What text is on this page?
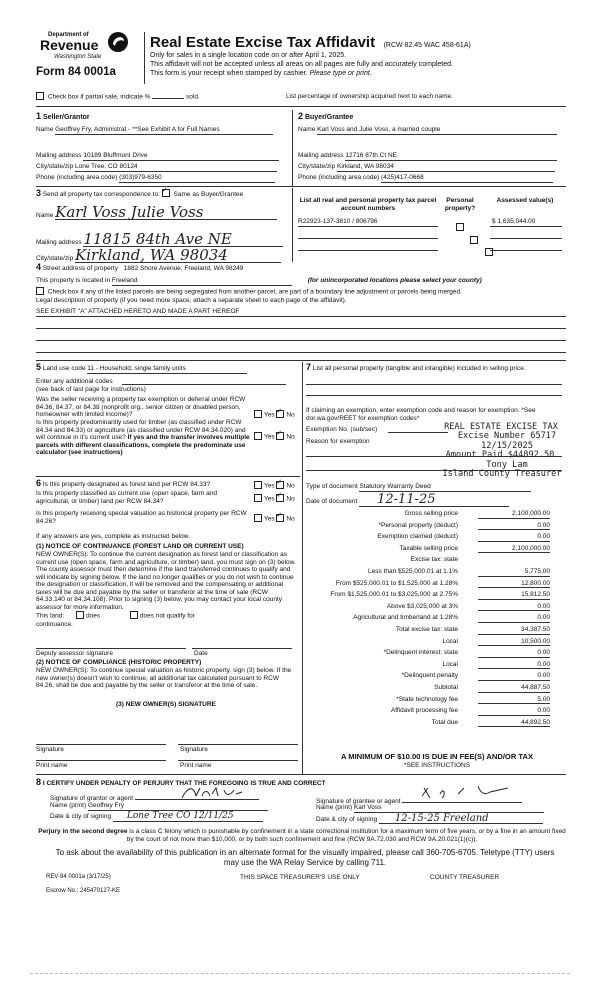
Department of
Revenue
Washington State
Form 84 0001a
Real Estate Excise Tax Affidavit (RCW 82.45 WAC 458-61A)
Only for sales in a single location code on or after April 1, 2025.
This affidavit will not be accepted unless all areas on all pages are fully and accurately completed.
This form is your receipt when stamped by cashier. Please type or print.
Check box if partial sale, indicate %	sold.	List percentage of ownership acquired next to each name.
1 Seller/Grantor
Name Geoffrey Fry, Administrat - **See Exhibit A for Full Names
Mailing address 10189 Bluffmont Drive
City/state/zip Lone Tree, CO 80124
Phone (including area code) (303)979-6350
2 Buyer/Grantee
Name Karl Voss and Julie Voss, a married couple
Mailing address 12716 87th Ct NE
City/state/zip Kirkland, WA 98034
Phone (including area code) (425)417-0668
3 Send all property tax correspondence to: ✓ Same as Buyer/Grantee
Name Karl Voss Julie Voss
Mailing address 11815 84th Ave NE
City/state/zip Kirkland, WA 98034
List all real and personal property tax parcel account numbers
Personal property?
Assessed value(s)
R22923-137-3810 / 806796
	$ 1,635,044.00
4 Street address of property 1882 Shore Avenue, Freeland, WA 98249
This property is located in Freeland	(for unincorporated locations please select your county)
Check box if any of the listed parcels are being segregated from another parcel, are part of a boundary line adjustment or parcels being merged.
Legal description of property (if you need more space, attach a separate sheet to each page of the affidavit).
SEE EXHIBIT "A" ATTACHED HERETO AND MADE A PART HEREOF
5 Land use code 11 - Household, single family units
Enter any additional codes
(see back of last page for instructions)
Was the seller receiving a property tax exemption or deferral under RCW 84.36, 84.37, or 84.38 (nonprofit org., senior citizen or disabled person, homeowner with limited income)?	Yes ✓ No
Is this property predominantly used for timber (as classified under RCW 84.34 and 84.33) or agriculture (as classified under RCW 84.34.020) and will continue in it's current use? If yes and the transfer involves multiple parcels with different classifications, complete the predominate use calculator (see instructions)
Yes ✓ No
6 Is this property designated as forest land per RCW 84.33?	Yes ✓ No
Is this property classified as current use (open space, farm and agricultural, or timber) land per RCW 84.34?	Yes ✓ No
Is this property receiving special valuation as historical property per RCW 84.26?	Yes ✓ No
If any answers are yes, complete as instructed below.
(1) NOTICE OF CONTINUANCE (FOREST LAND OR CURRENT USE)
NEW OWNER(S): To continue the current designation as forest land or classification as current use (open space, farm and agriculture, or timber) land, you must sign on (3) below. The county assessor must then determine if the land transferred continues to qualify and will indicate by signing below. If the land no longer qualifies or you do not wish to continue the designation or classification, it will be removed and the compensating or additional taxes will be due and payable by the seller or transferor at the time of sale (RCW 84.33.140 or 84.34.108). Prior to signing (3) below, you may contact your local county assessor for more information.
This land:	does	does not qualify for
continuance.
Deputy assessor signature	Date
(2) NOTICE OF COMPLIANCE (HISTORIC PROPERTY)
NEW OWNER(S): To continue special valuation as historic property, sign (3) below. If the new owner(s) doesn't wish to continue, all additional tax calculated pursuant to RCW 84.26, shall be due and payable by the seller or transferor at the time of sale.
(3) NEW OWNER(S) SIGNATURE
Signature	Signature
Print name	Print name
7 List all personal property (tangible and intangible) included in selling price.
If claiming an exemption, enter exemption code and reason for exemption. *See dor.wa.gov/REET for exemption codes*
Exemption No. (sub/sec)
Reason for exemption
REAL ESTATE EXCISE TAX
Excise Number 65717
12/15/2025
Amount Paid $44892.50
Tony Lam
Island County Treasurer
Type of document Statutory Warranty Deed
Date of document 12-11-25
Gross selling price	2,100,000.00
*Personal property (deduct)	0.00
Exemption claimed (deduct)	0.00
Taxable selling price	2,100,000.00
Excise tax: state
Less than $525,000.01 at 1.1%	5,775.00
From $525,000.01 to $1,525,000 at 1.28%	12,800.00
From $1,525,000.01 to $3,025,000 at 2.75%	15,812.50
Above $3,025,000 at 3%	0.00
Agricultural and timberland at 1.28%	0.00
Total excise tax: state	34,387.50
Local	10,500.00
*Delinquent interest: state	0.00
Local	0.00
*Delinquent penalty	0.00
Subtotal	44,887.50
*State technology fee	5.00
Affidavit processing fee	0.00
Total due	44,892.50
A MINIMUM OF $10.00 IS DUE IN FEE(S) AND/OR TAX
*SEE INSTRUCTIONS
8 I CERTIFY UNDER PENALTY OF PERJURY THAT THE FOREGOING IS TRUE AND CORRECT
Signature of grantor or agent
Name (print) Geoffrey Fry
Date & city of signing Lone Tree CO 12/11/25
Signature of grantee or agent
Name (print) Karl Voss
Date & city of signing 12-15-25 Freeland
Perjury in the second degree is a class C felony which is punishable by confinement in a state correctional institution for a maximum term of five years, or by a fine in an amount fixed by the court of not more than $10,000, or by both such confinement and fine (RCW 9A.72.030 and RCW 9A.20.021(1)(c)).
To ask about the availability of this publication in an alternate format for the visually impaired, please call 360-705-6705. Teletype (TTY) users may use the WA Relay Service by calling 711.
REV 84 0001a (3/17/25)	THIS SPACE TREASURER'S USE ONLY	COUNTY TREASURER
Escrow No.: 245470127-KE
